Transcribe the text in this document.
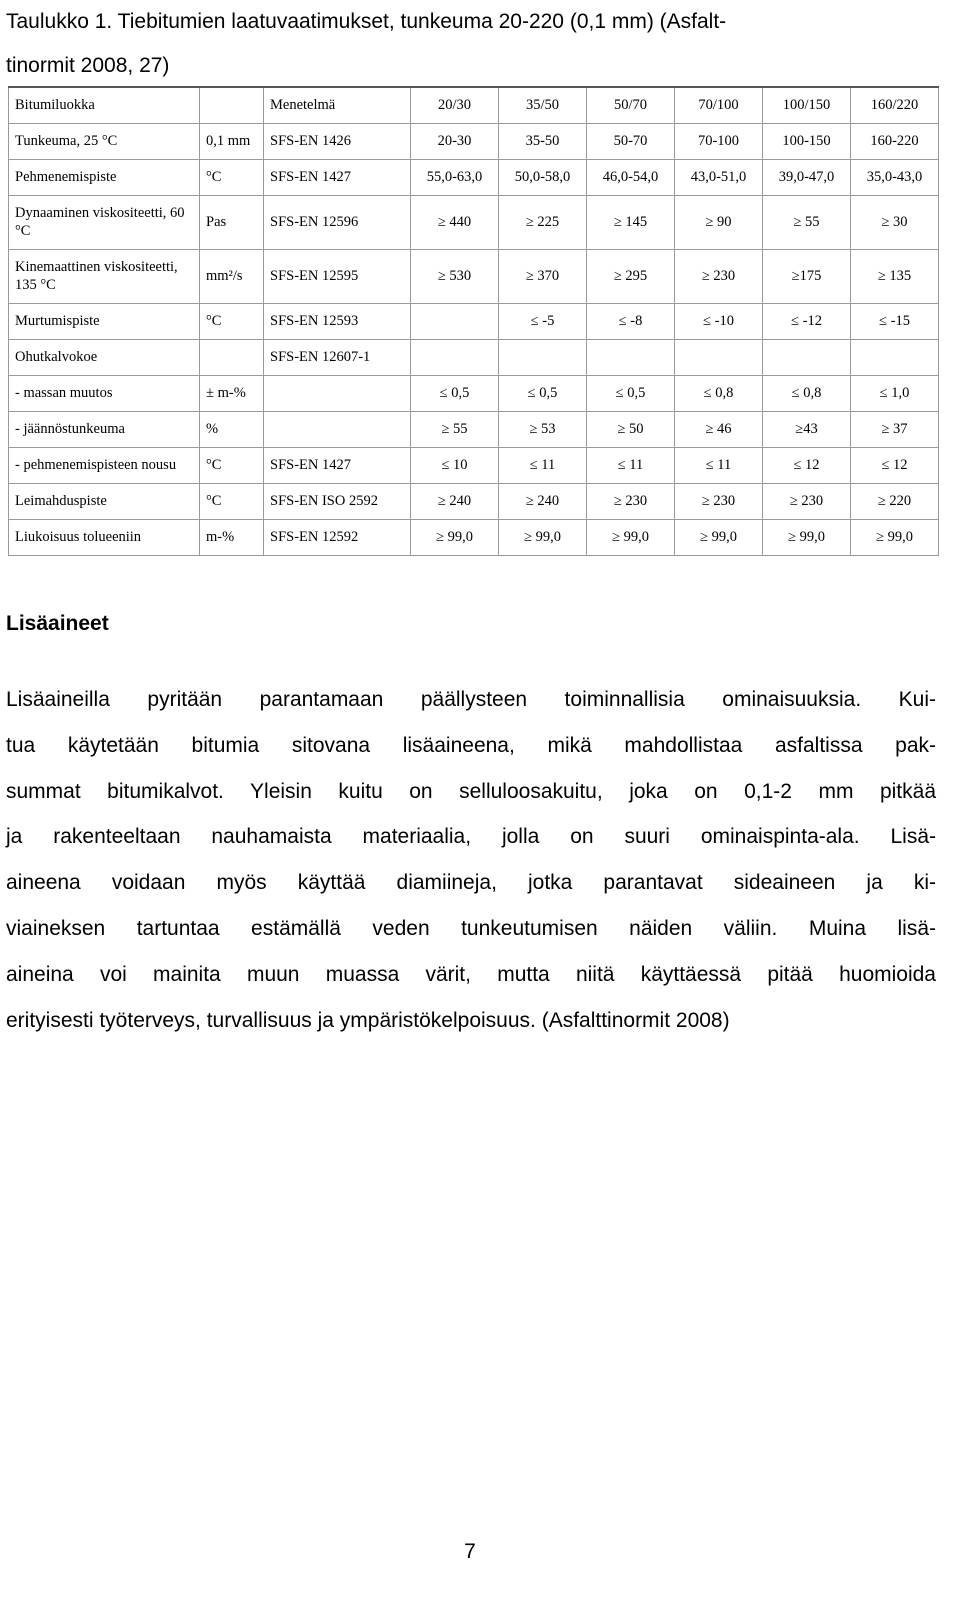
Taulukko 1. Tiebitumien laatuvaatimukset, tunkeuma 20-220 (0,1 mm) (Asfalt-
tinormit 2008, 27)

Bitumiluokka		Menetelmä	20/30	35/50	50/70	70/100	100/150	160/220
Tunkeuma, 25 °C	0,1 mm	SFS-EN 1426	20-30	35-50	50-70	70-100	100-150	160-220
Pehmenemispiste	°C	SFS-EN 1427	55,0-63,0	50,0-58,0	46,0-54,0	43,0-51,0	39,0-47,0	35,0-43,0
Dynaaminen viskositeetti, 60 °C	Pas	SFS-EN 12596	≥ 440	≥ 225	≥ 145	≥ 90	≥ 55	≥ 30
Kinemaattinen viskositeetti, 135 °C	mm²/s	SFS-EN 12595	≥ 530	≥ 370	≥ 295	≥ 230	≥175	≥ 135
Murtumispiste	°C	SFS-EN 12593		≤ -5	≤ -8	≤ -10	≤ -12	≤ -15
Ohutkalvokoe		SFS-EN 12607-1						
- massan muutos	± m-%		≤ 0,5	≤ 0,5	≤ 0,5	≤ 0,8	≤ 0,8	≤ 1,0
- jäännöstunkeuma	%		≥ 55	≥ 53	≥ 50	≥ 46	≥43	≥ 37
- pehmenemispisteen nousu	°C	SFS-EN 1427	≤ 10	≤ 11	≤ 11	≤ 11	≤ 12	≤ 12
Leimahduspiste	°C	SFS-EN ISO 2592	≥ 240	≥ 240	≥ 230	≥ 230	≥ 230	≥ 220
Liukoisuus tolueeniin	m-%	SFS-EN 12592	≥ 99,0	≥ 99,0	≥ 99,0	≥ 99,0	≥ 99,0	≥ 99,0
Lisäaineet

Lisäaineilla pyritään parantamaan päällysteen toiminnallisia ominaisuuksia. Kui-
tua käytetään bitumia sitovana lisäaineena, mikä mahdollistaa asfaltissa pak-
summat bitumikalvot. Yleisin kuitu on selluloosakuitu, joka on 0,1-2 mm pitkää
ja rakenteeltaan nauhamaista materiaalia, jolla on suuri ominaispinta-ala. Lisä-
aineena voidaan myös käyttää diamiineja, jotka parantavat sideaineen ja ki-
viaineksen tartuntaa estämällä veden tunkeutumisen näiden väliin. Muina lisä-
aineina voi mainita muun muassa värit, mutta niitä käyttäessä pitää huomioida
erityisesti työterveys, turvallisuus ja ympäristökelpoisuus. (Asfalttinormit 2008)

7
